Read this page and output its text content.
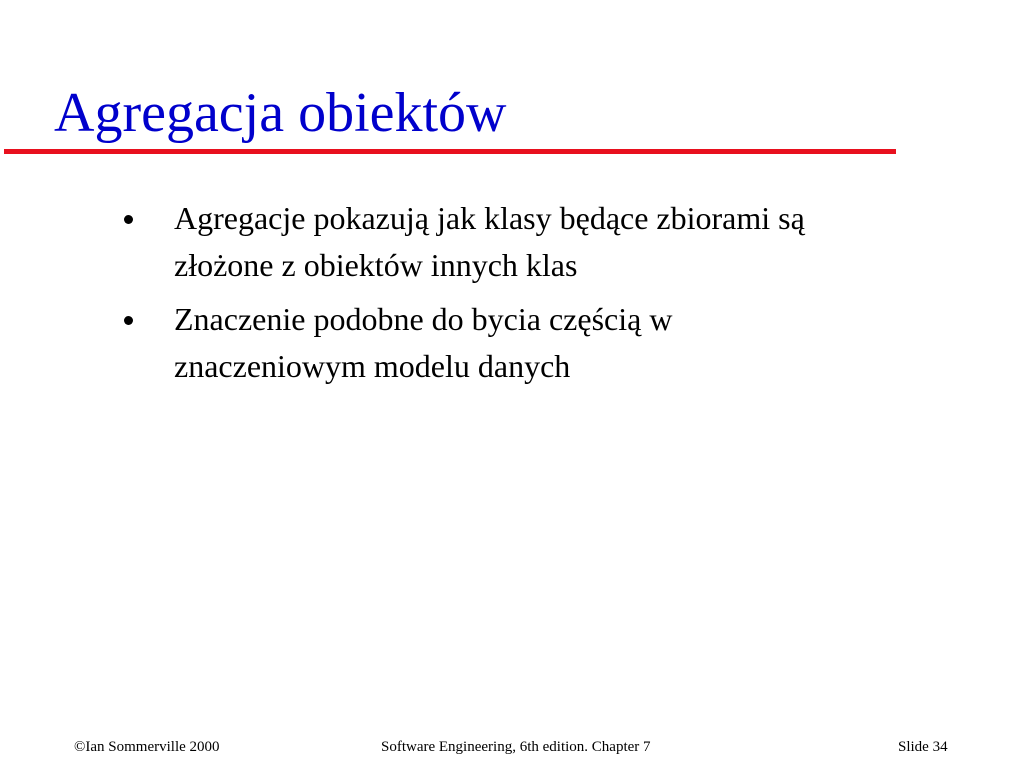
Agregacja obiektów
Agregacje pokazują jak klasy będące zbiorami są
złożone z obiektów innych klas
Znaczenie podobne do bycia częścią w
znaczeniowym modelu danych
©Ian Sommerville 2000	Software Engineering, 6th edition. Chapter 7	Slide 34
